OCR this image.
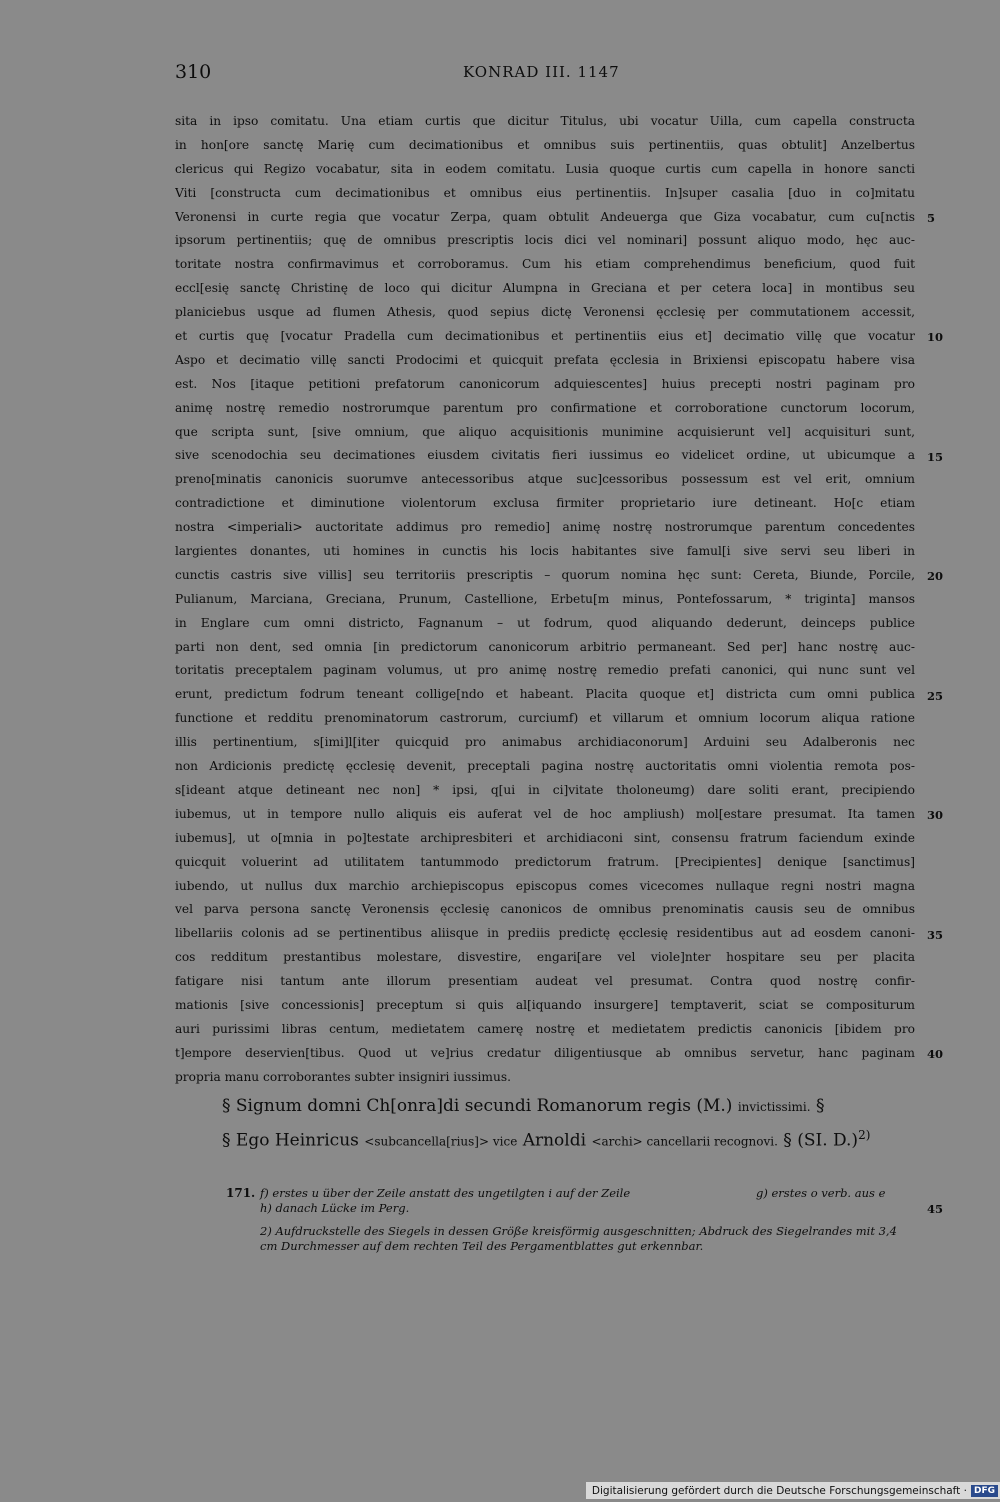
310	KONRAD III. 1147
sita in ipso comitatu. Una etiam curtis que dicitur Titulus, ubi vocatur Uilla, cum capella constructa
in hon[ore sanctę Marię cum decimationibus et omnibus suis pertinentiis, quas obtulit] Anzelbertus
clericus qui Regizo vocabatur, sita in eodem comitatu. Lusia quoque curtis cum capella in honore sancti
Viti [constructa cum decimationibus et omnibus eius pertinentiis. In]super casalia [duo in co]mitatu
Veronensi in curte regia que vocatur Zerpa, quam obtulit Andeuerga que Giza vocabatur, cum cu[nctis
ipsorum pertinentiis; quę de omnibus prescriptis locis dici vel nominari] possunt aliquo modo, hęc auc-
toritate nostra confirmavimus et corroboramus. Cum his etiam comprehendimus beneficium, quod fuit
eccl[esię sanctę Christinę de loco qui dicitur Alumpna in Greciana et per cetera loca] in montibus seu
planiciebus usque ad flumen Athesis, quod sepius dictę Veronensi ęcclesię per commutationem accessit,
et curtis quę [vocatur Pradella cum decimationibus et pertinentiis eius et] decimatio villę que vocatur
Aspo et decimatio villę sancti Prodocimi et quicquit prefata ęcclesia in Brixiensi episcopatu habere visa
est. Nos [itaque petitioni prefatorum canonicorum adquiescentes] huius precepti nostri paginam pro
animę nostrę remedio nostrorumque parentum pro confirmatione et corroboratione cunctorum locorum,
que scripta sunt, [sive omnium, que aliquo acquisitionis munimine acquisierunt vel] acquisituri sunt,
sive scenodochia seu decimationes eiusdem civitatis fieri iussimus eo videlicet ordine, ut ubicumque a
preno[minatis canonicis suorumve antecessoribus atque suc]cessoribus possessum est vel erit, omnium
contradictione et diminutione violentorum exclusa firmiter proprietario iure detineant. Ho[c etiam
nostra <imperiali> auctoritate addimus pro remedio] animę nostrę nostrorumque parentum concedentes
largientes donantes, uti homines in cunctis his locis habitantes sive famul[i sive servi seu liberi in
cunctis castris sive villis] seu territoriis prescriptis – quorum nomina hęc sunt: Cereta, Biunde, Porcile,
Pulianum, Marciana, Greciana, Prunum, Castellione, Erbetu[m minus, Pontefossarum, * triginta] mansos
in Englare cum omni districto, Fagnanum – ut fodrum, quod aliquando dederunt, deinceps publice
parti non dent, sed omnia [in predictorum canonicorum arbitrio permaneant. Sed per] hanc nostrę auc-
toritatis preceptalem paginam volumus, ut pro animę nostrę remedio prefati canonici, qui nunc sunt vel
erunt, predictum fodrum teneant collige[ndo et habeant. Placita quoque et] districta cum omni publica
functione et redditu prenominatorum castrorum, curciumf) et villarum et omnium locorum aliqua ratione
illis pertinentium, s[imi]l[iter quicquid pro animabus archidiaconorum] Arduini seu Adalberonis nec
non Ardicionis predictę ęcclesię devenit, preceptali pagina nostrę auctoritatis omni violentia remota pos-
s[ideant atque detineant nec non] * ipsi, q[ui in ci]vitate tholoneumg) dare soliti erant, precipiendo
iubemus, ut in tempore nullo aliquis eis auferat vel de hoc ampliush) mol[estare presumat. Ita tamen
iubemus], ut o[mnia in po]testate archipresbiteri et archidiaconi sint, consensu fratrum faciendum exinde
quicquit voluerint ad utilitatem tantummodo predictorum fratrum. [Precipientes] denique [sanctimus]
iubendo, ut nullus dux marchio archiepiscopus episcopus comes vicecomes nullaque regni nostri magna
vel parva persona sanctę Veronensis ęcclesię canonicos de omnibus prenominatis causis seu de omnibus
libellariis colonis ad se pertinentibus aliisque in prediis predictę ęcclesię residentibus aut ad eosdem canoni-
cos redditum prestantibus molestare, disvestire, engari[are vel viole]nter hospitare seu per placita
fatigare nisi tantum ante illorum presentiam audeat vel presumat. Contra quod nostrę confir-
mationis [sive concessionis] preceptum si quis al[iquando insurgere] temptaverit, sciat se compositurum
auri purissimi libras centum, medietatem camerę nostrę et medietatem predictis canonicis [ibidem pro
t]empore deservien[tibus. Quod ut ve]rius credatur diligentiusque ab omnibus servetur, hanc paginam
propria manu corroborantes subter insigniri iussimus.
5
10
15
20
25
30
35
40
45
§ Signum domni Ch[onra]di secundi Romanorum regis (M.) invictissimi. §
§ Ego Heinricus <subcancella[rius]> vice Arnoldi <archi> cancellarii recognovi. § (SI. D.)$^{2)}$
171. f) erstes u über der Zeile anstatt des ungetilgten i auf der Zeile	g) erstes o verb. aus e
h) danach Lücke im Perg.
2) Aufdruckstelle des Siegels in dessen Größe kreisförmig ausgeschnitten; Abdruck des Siegelrandes mit 3,4 cm Durchmesser auf dem rechten Teil des Pergamentblattes gut erkennbar.
Digitalisierung gefördert durch die Deutsche Forschungsgemeinschaft · DFG
